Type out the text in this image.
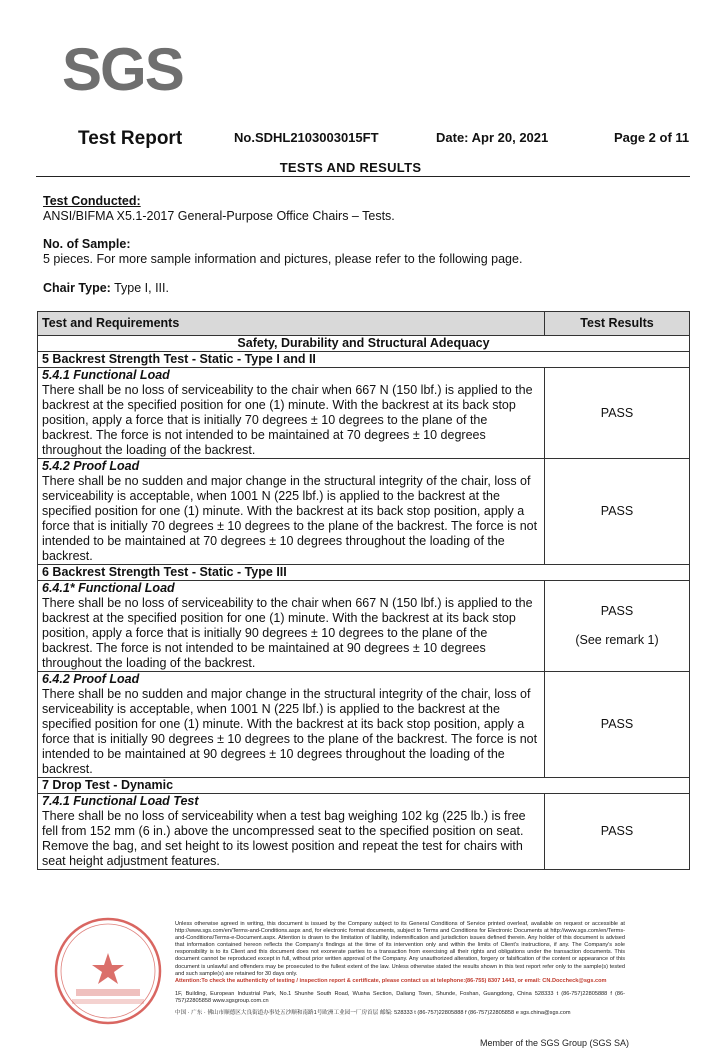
SGS
Test Report	No.SDHL2103003015FT	Date: Apr 20, 2021	Page 2 of 11
TESTS AND RESULTS
Test Conducted:
ANSI/BIFMA X5.1-2017 General-Purpose Office Chairs – Tests.
No. of Sample:
5 pieces. For more sample information and pictures, please refer to the following page.
Chair Type: Type I, III.
Test and Requirements	Test Results
Safety, Durability and Structural Adequacy	
5 Backrest Strength Test - Static - Type I and II	

5.4.1 Functional Load
There shall be no loss of serviceability to the chair when 667 N (150 lbf.) is applied to the backrest at the specified position for one (1) minute. With the backrest at its back stop position, apply a force that is initially 70 degrees ± 10 degrees to the plane of the backrest. The force is not intended to be maintained at 70 degrees ± 10 degrees throughout the loading of the backrest.	PASS

5.4.2 Proof Load
There shall be no sudden and major change in the structural integrity of the chair, loss of serviceability is acceptable, when 1001 N (225 lbf.) is applied to the backrest at the specified position for one (1) minute. With the backrest at its back stop position, apply a force that is initially 70 degrees ± 10 degrees to the plane of the backrest. The force is not intended to be maintained at 70 degrees ± 10 degrees throughout the loading of the backrest.	PASS
6 Backrest Strength Test - Static - Type III	

6.4.1* Functional Load
There shall be no loss of serviceability to the chair when 667 N (150 lbf.) is applied to the backrest at the specified position for one (1) minute. With the backrest at its back stop position, apply a force that is initially 90 degrees ± 10 degrees to the plane of the backrest. The force is not intended to be maintained at 90 degrees ± 10 degrees throughout the loading of the backrest.	PASS
(See remark 1)

6.4.2 Proof Load
There shall be no sudden and major change in the structural integrity of the chair, loss of serviceability is acceptable, when 1001 N (225 lbf.) is applied to the backrest at the specified position for one (1) minute. With the backrest at its back stop position, apply a force that is initially 90 degrees ± 10 degrees to the plane of the backrest. The force is not intended to be maintained at 90 degrees ± 10 degrees throughout the loading of the backrest.	PASS
7 Drop Test - Dynamic	

7.4.1 Functional Load Test
There shall be no loss of serviceability when a test bag weighing 102 kg (225 lb.) is free fell from 152 mm (6 in.) above the uncompressed seat to the specified position on seat. Remove the bag, and set height to its lowest position and repeat the test for chairs with seat height adjustment features.	PASS
Unless otherwise agreed in writing, this document is issued by the Company subject to its General Conditions of Service printed overleaf, available on request or accessible at http://www.sgs.com/en/Terms-and-Conditions.aspx and, for electronic format documents, subject to Terms and Conditions for Electronic Documents at http://www.sgs.com/en/Terms-and-Conditions/Terms-e-Document.aspx. Attention is drawn to the limitation of liability, indemnification and jurisdiction issues defined therein. Any holder of this document is advised that information contained hereon reflects the Company's findings at the time of its intervention only and within the limits of Client's instructions, if any. The Company's sole responsibility is to its Client and this document does not exonerate parties to a transaction from exercising all their rights and obligations under the transaction documents. This document cannot be reproduced except in full, without prior written approval of the Company. Any unauthorized alteration, forgery or falsification of the content or appearance of this document is unlawful and offenders may be prosecuted to the fullest extent of the law. Unless otherwise stated the results shown in this test report refer only to the sample(s) tested and such sample(s) are retained for 30 days only.
Attention:To check the authenticity of testing / inspection report & certificate, please contact us at telephone:(86-755) 8307 1443, or email: CN.Doccheck@sgs.com
1F, Building, European Industrial Park, No.1 Shunhe South Road, Wusha Section, Daliang Town, Shunde, Foshan, Guangdong, China 528333 t (86-757)22805888 f (86-757)22805858 www.sgsgroup.com.cn
中国 · 广东 · 佛山市顺德区大良街道办事处五沙顺和南路1号欧洲工业园一厂房首层 邮编: 528333 t (86-757)22805888 f (86-757)22805858 e sgs.china@sgs.com
Member of the SGS Group (SGS SA)
